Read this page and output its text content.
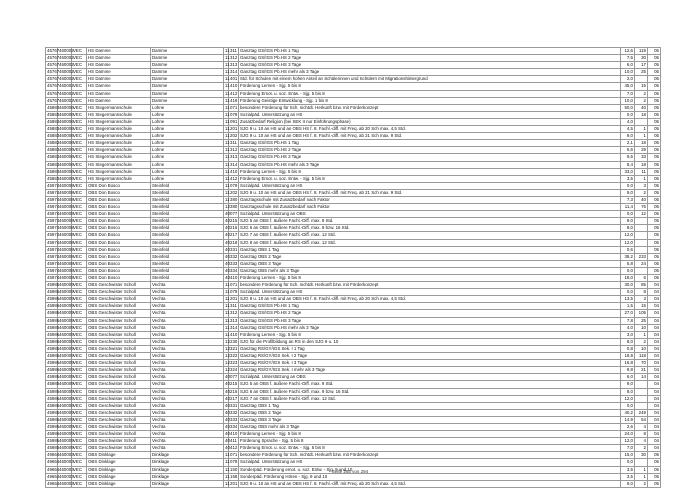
45767	460002	VEC	HS Damme	Damme	11	311	Ganztag GS/IGS Pb.HS 1 Tag	12,6	119	05
45767	460002	VEC	HS Damme	Damme	11	312	Ganztag GS/IGS Pb.HS 2 Tage	7,6	30	05
45767	460002	VEC	HS Damme	Damme	11	313	Ganztag GS/IGS Pb.HS 3 Tage	6,0	17	05
45767	460002	VEC	HS Damme	Damme	11	314	Ganztag GS/IGS Pb.HS mehr als 3 Tage	10,0	25	05
45767	460002	VEC	HS Damme	Damme	11	401	Std. für Schulen mit einem hohen Anteil an Schülerinnen und Schülern mit Migrationshintergrund	2,0		05
45767	460002	VEC	HS Damme	Damme	11	410	Förderung Lernen - Sjg. 5 bis 8	45,0	15	05
45767	460002	VEC	HS Damme	Damme	11	412	Förderung Emot. u. soz. Entw. - Sjg. 5 bis 8	7,0	2	05
45767	460002	VEC	HS Damme	Damme	11	419	Förderung Geistige Entwicklung - Sjg. 1 bis 8	10,0	2	05
45883	460006	VEC	HS Stegermannschule	Lohne	11	071	besondere Förderung für Sch. nichtdt. Herkunft bzw. mit Förderkonzept	50,0	40	05
45883	460006	VEC	HS Stegermannschule	Lohne	11	079	Sozialpäd. Unterstützung an HS	0,0	18	05
45883	460006	VEC	HS Stegermannschule	Lohne	11	091	Zusatzbedarf Religion (bei SEK II nur Einführungsphase)	4,0		05
45883	460006	VEC	HS Stegermannschule	Lohne	11	201	SJG 9 u. 10 an HS und an OBS HS f. 8. Fachl.-diff. mit Freq. ab 20 Sch max. 4,5 Std.	4,5	1	05
45883	460006	VEC	HS Stegermannschule	Lohne	11	202	SJG 9 u. 10 an HS und an OBS HS f. 8. Fachl.-diff. mit Freq. ab 21 Sch max. 9 Std.	9,0	1	05
45883	460006	VEC	HS Stegermannschule	Lohne	11	311	Ganztag GS/IGS Pb.HS 1 Tag	2,1	18	05
45883	460006	VEC	HS Stegermannschule	Lohne	11	312	Ganztag GS/IGS Pb.HS 2 Tage	6,6	29	05
45883	460006	VEC	HS Stegermannschule	Lohne	11	313	Ganztag GS/IGS Pb.HS 3 Tage	9,6	33	05
45883	460006	VEC	HS Stegermannschule	Lohne	11	314	Ganztag GS/IGS Pb.HS mehr als 3 Tage	8,4	18	05
45883	460006	VEC	HS Stegermannschule	Lohne	11	410	Förderung Lernen - Sjg. 5 bis 8	33,0	11	05
45883	460006	VEC	HS Stegermannschule	Lohne	11	412	Förderung Emot. u. soz. Entw. - Sjg. 5 bis 8	3,5	1	05
45974	460008	VEC	OBS Don Bosco	Steinfeld	11	079	Sozialpäd. Unterstützung an HS	0,0	3	05
45974	460008	VEC	OBS Don Bosco	Steinfeld	11	202	SJG 9 u. 10 an HS und an OBS HS f. 8. Fachl.-diff. mit Freq. ab 21 Sch max. 9 Std.	9,0	2	05
45974	460008	VEC	OBS Don Bosco	Steinfeld	11	380	Ganztagsschule mit Zusatzbedarf nach Faktor	7,3	40	05
45974	460008	VEC	OBS Don Bosco	Steinfeld	12	380	Ganztagsschule mit Zusatzbedarf nach Faktor	11,4	76	05
45974	460008	VEC	OBS Don Bosco	Steinfeld	40	077	Sozialpäd. Unterstützung an OBS	0,0	12	05
45974	460008	VEC	OBS Don Bosco	Steinfeld	40	215	SJG 5 an OBS f. äußere Fachl.-Diff. max. 9 Std.	9,0		05
45974	460008	VEC	OBS Don Bosco	Steinfeld	40	216	SJG 6 an OBS f. äußere Fachl.-Diff. max. 9 bzw. 16 Std.	8,0		05
45974	460008	VEC	OBS Don Bosco	Steinfeld	40	217	SJG 7 an OBS f. äußere Fachl.-Diff. max. 12 Std.	12,0		05
45974	460008	VEC	OBS Don Bosco	Steinfeld	40	218	SJG 8 an OBS f. äußere Fachl.-Diff. max. 12 Std.	12,0		05
45974	460008	VEC	OBS Don Bosco	Steinfeld	40	331	Ganztag OBS 1 Tag	0,6		05
45974	460008	VEC	OBS Don Bosco	Steinfeld	40	332	Ganztag OBS 2 Tage	39,2	233	05
45974	460008	VEC	OBS Don Bosco	Steinfeld	40	333	Ganztag OBS 3 Tage	5,8	24	05
45974	460008	VEC	OBS Don Bosco	Steinfeld	40	334	Ganztag OBS mehr als 3 Tage	0,0		05
45974	460008	VEC	OBS Don Bosco	Steinfeld	40	410	Förderung Lernen - Sjg. 5 bis 8	18,0	6	05
45986	460009	VEC	OBS Geschwister Scholl	Vechta	11	071	besondere Förderung für Sch. nichtdt. Herkunft bzw. mit Förderkonzept	30,0	85	04
45986	460009	VEC	OBS Geschwister Scholl	Vechta	11	079	Sozialpäd. Unterstützung an HS	0,0	8	04
45986	460009	VEC	OBS Geschwister Scholl	Vechta	11	201	SJG 9 u. 10 an HS und an OBS HS f. 8. Fachl.-diff. mit Freq. ab 20 Sch max. 4,5 Std.	13,5	3	04
45986	460009	VEC	OBS Geschwister Scholl	Vechta	11	311	Ganztag GS/IGS Pb.HS 1 Tag	1,5	15	04
45986	460009	VEC	OBS Geschwister Scholl	Vechta	11	312	Ganztag GS/IGS Pb.HS 2 Tage	27,0	105	04
45986	460009	VEC	OBS Geschwister Scholl	Vechta	11	313	Ganztag GS/IGS Pb.HS 3 Tage	7,8	25	04
45986	460009	VEC	OBS Geschwister Scholl	Vechta	11	314	Ganztag GS/IGS Pb.HS mehr als 3 Tage	4,0	10	04
45986	460009	VEC	OBS Geschwister Scholl	Vechta	11	410	Förderung Lernen - Sjg. 5 bis 8	3,0	1	04
45986	460009	VEC	OBS Geschwister Scholl	Vechta	12	230	SJG für die Profilbildung an RS in den SJG 9 u. 10	8,0	2	04
45986	460009	VEC	OBS Geschwister Scholl	Vechta	12	321	Ganztag RS/GY/IGS Sek. I 1 Tag	0,8	10	04
45986	460009	VEC	OBS Geschwister Scholl	Vechta	12	322	Ganztag RS/GY/IGS Sek. I 2 Tage	18,9	118	04
45986	460009	VEC	OBS Geschwister Scholl	Vechta	12	323	Ganztag RS/GY/IGS Sek. I 3 Tage	16,8	70	04
45986	460009	VEC	OBS Geschwister Scholl	Vechta	12	324	Ganztag RS/GY/IGS Sek. I mehr als 3 Tage	9,8	21	04
45986	460009	VEC	OBS Geschwister Scholl	Vechta	40	077	Sozialpäd. Unterstützung an OBS	6,0	14	04
45986	460009	VEC	OBS Geschwister Scholl	Vechta	40	215	SJG 5 an OBS f. äußere Fachl.-Diff. max. 9 Std.	9,0		04
45986	460009	VEC	OBS Geschwister Scholl	Vechta	40	216	SJG 6 an OBS f. äußere Fachl.-Diff. max. 9 bzw. 16 Std.	8,0		04
45986	460009	VEC	OBS Geschwister Scholl	Vechta	40	217	SJG 7 an OBS f. äußere Fachl.-Diff. max. 12 Std.	12,0		04
45986	460009	VEC	OBS Geschwister Scholl	Vechta	40	331	Ganztag OBS 1 Tag	0,0		04
45986	460009	VEC	OBS Geschwister Scholl	Vechta	40	332	Ganztag OBS 2 Tage	40,2	249	04
45986	460009	VEC	OBS Geschwister Scholl	Vechta	40	333	Ganztag OBS 3 Tage	14,9	54	04
45986	460009	VEC	OBS Geschwister Scholl	Vechta	40	334	Ganztag OBS mehr als 3 Tage	2,6	4	04
45986	460009	VEC	OBS Geschwister Scholl	Vechta	40	410	Förderung Lernen - Sjg. 5 bis 8	24,0	8	04
45986	460009	VEC	OBS Geschwister Scholl	Vechta	40	411	Förderung Sprache - Sjg. 5 bis 8	12,0	4	04
45986	460009	VEC	OBS Geschwister Scholl	Vechta	40	412	Förderung Emot. u. soz. Entw. - Sjg. 5 bis 8	7,0	2	04
49664	460003	VEC	OBS Dinklage	Dinklage	11	071	besondere Förderung für Sch. nichtdt. Herkunft bzw. mit Förderkonzept	15,0	30	05
49664	460003	VEC	OBS Dinklage	Dinklage	11	079	Sozialpäd. Unterstützung an HS	0,0		05
49664	460003	VEC	OBS Dinklage	Dinklage	11	150	Sonderpäd. Förderung emot. u. soz. Entw. - Sjg. 9 und 10	3,5	1	05
49664	460003	VEC	OBS Dinklage	Dinklage	11	158	Sonderpäd. Förderung Hören - Sjg. 9 und 10	3,5	1	05
49664	460003	VEC	OBS Dinklage	Dinklage	11	201	SJG 9 u. 10 an HS und an OBS HS f. 8. Fachl.-diff. mit Freq. ab 20 Sch max. 4,5 Std.	9,0	2	05
Seite 265 von 294
